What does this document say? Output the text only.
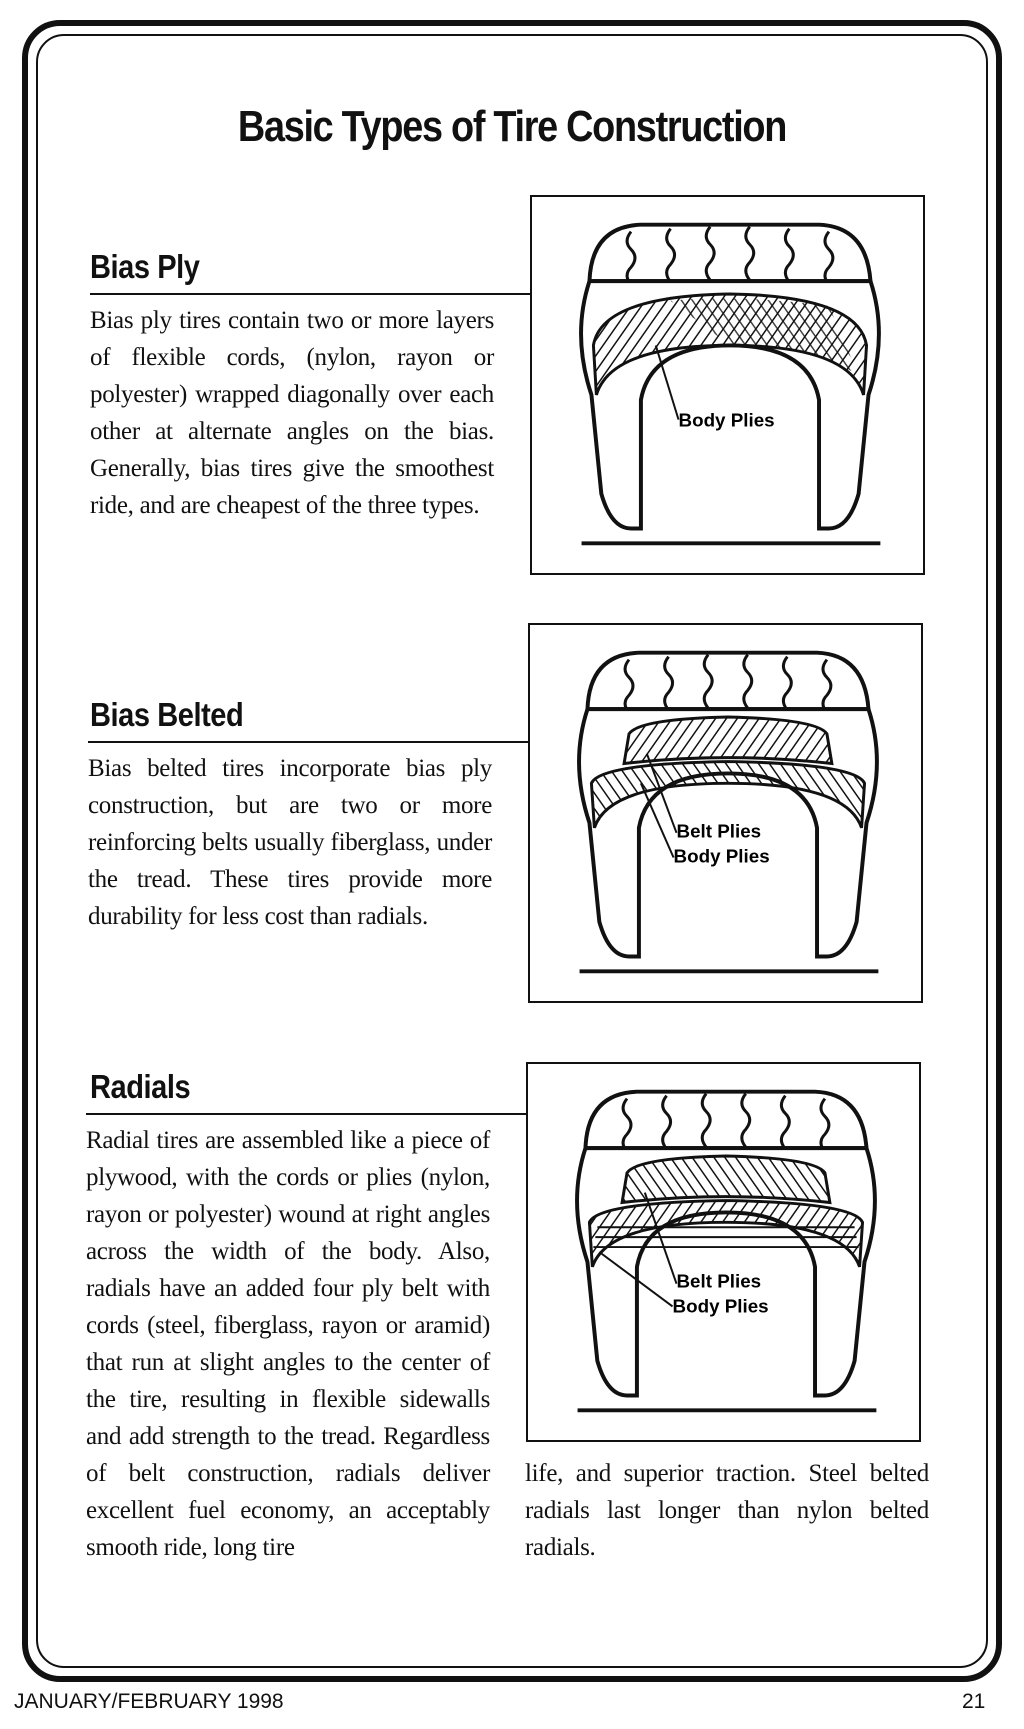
Basic Types of Tire Construction
Bias Ply
Bias ply tires contain two or more layers of flexible cords, (nylon, rayon or polyester) wrapped diagonally over each other at alternate angles on the bias. Generally, bias tires give the smoothest ride, and are cheapest of the three types.
Body Plies
Bias Belted
Bias belted tires incorporate bias ply construction, but are two or more reinforcing belts usually fiberglass, under the tread. These tires provide more durability for less cost than radials.
Belt Plies
Body Plies
Radials
Radial tires are assembled like a piece of plywood, with the cords or plies (nylon, rayon or polyester) wound at right angles across the width of the body. Also, radials have an added four ply belt with cords (steel, fiberglass, rayon or aramid) that run at slight angles to the center of the tire, resulting in flexible sidewalls and add strength to the tread. Regardless of belt construction, radials deliver excellent fuel economy, an acceptably smooth ride, long tire
Belt Plies
Body Plies
life, and superior traction. Steel belted radials last longer than nylon belted radials.
JANUARY/FEBRUARY 1998	21
